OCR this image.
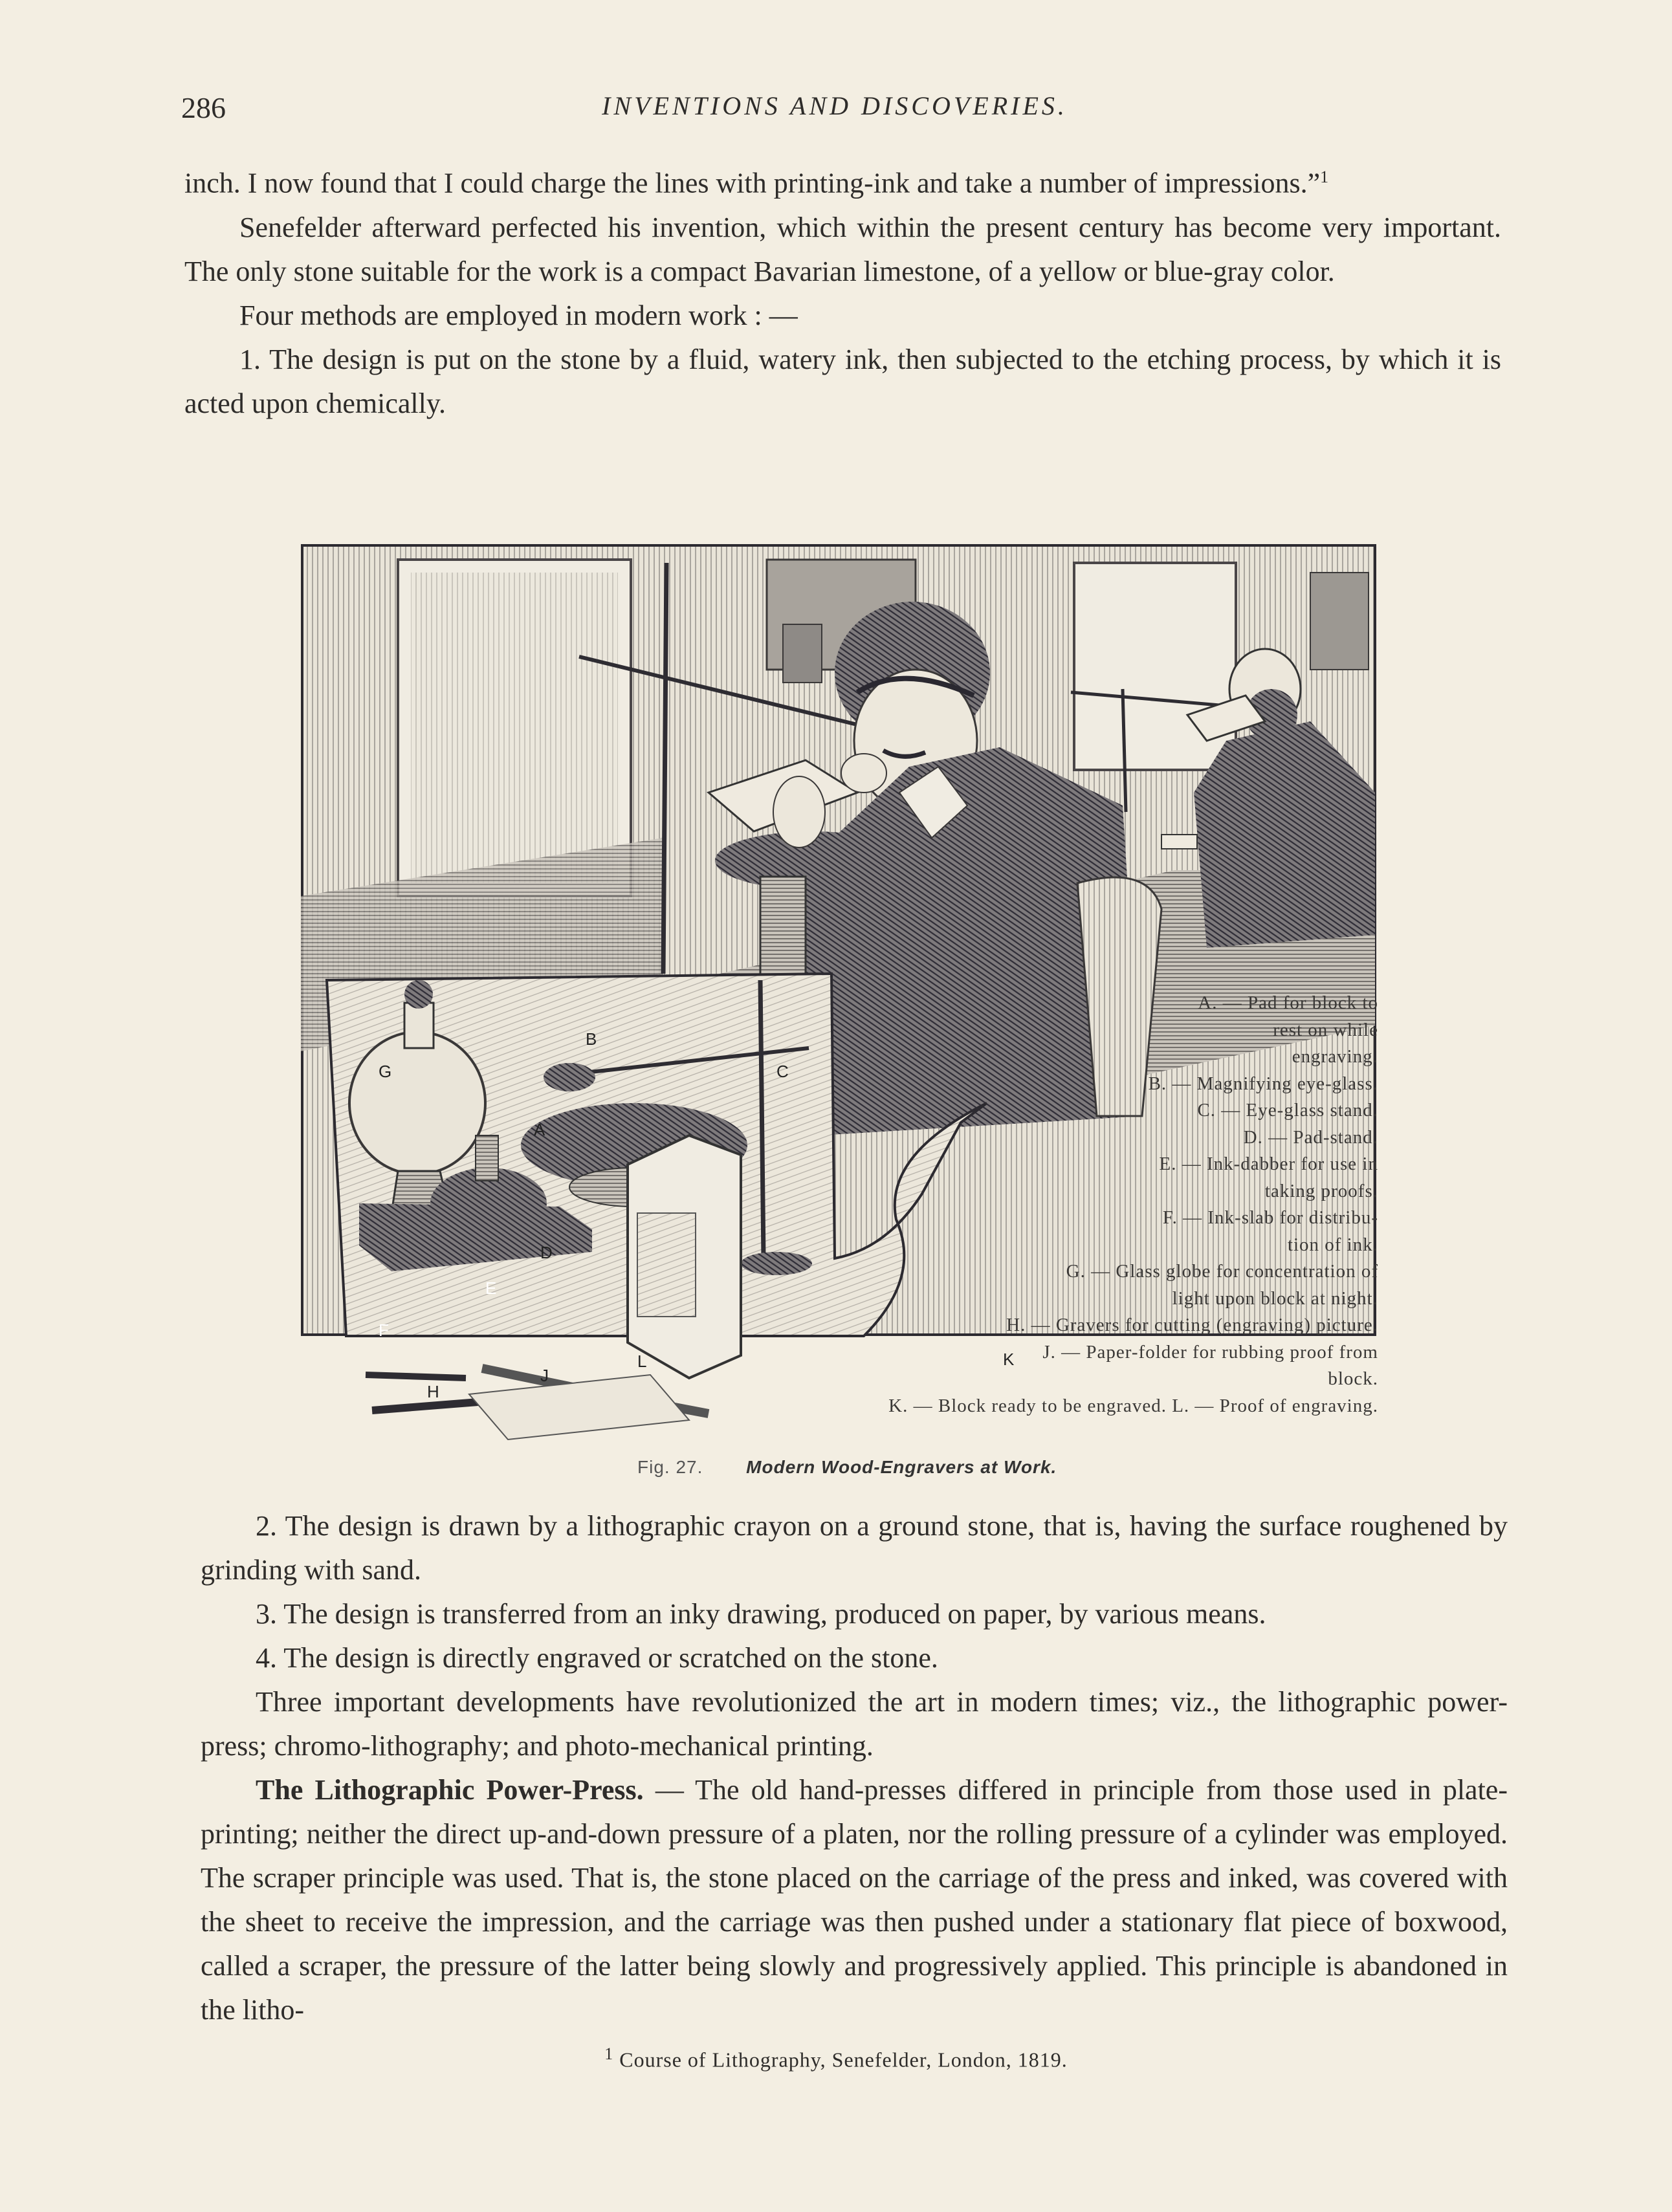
286	INVENTIONS AND DISCOVERIES.

inch. I now found that I could charge the lines with printing-ink and take a number of impressions.”$^1$

Senefelder afterward perfected his invention, which within the present century has become very important. The only stone suitable for the work is a compact Bavarian limestone, of a yellow or blue-gray color.

Four methods are employed in modern work : —

1. The design is put on the stone by a fluid, watery ink, then subjected to the etching process, by which it is acted upon chemically.

G
B
C
A
D
E
F
H
J
K
L
A. — Pad for block to
rest on while
engraving.
B. — Magnifying eye-glass.
C. — Eye-glass stand.
D. — Pad-stand.
E. — Ink-dabber for use in
taking proofs.
F. — Ink-slab for distribu-
tion of ink.
G. — Glass globe for concentration of
light upon block at night.
H. — Gravers for cutting (engraving) picture.
J. — Paper-folder for rubbing proof from
block.
K. — Block ready to be engraved. L. — Proof of engraving.
Fig. 27. Modern Wood-Engravers at Work.

2. The design is drawn by a lithographic crayon on a ground stone, that is, having the surface roughened by grinding with sand.

3. The design is transferred from an inky drawing, produced on paper, by various means.

4. The design is directly engraved or scratched on the stone.

Three important developments have revolutionized the art in modern times; viz., the lithographic power-press; chromo-lithography; and photo-mechanical printing.

The Lithographic Power-Press. — The old hand-presses differed in principle from those used in plate-printing; neither the direct up-and-down pressure of a platen, nor the rolling pressure of a cylinder was employed. The scraper principle was used. That is, the stone placed on the carriage of the press and inked, was covered with the sheet to receive the impression, and the carriage was then pushed under a stationary flat piece of boxwood, called a scraper, the pressure of the latter being slowly and progressively applied. This principle is abandoned in the litho-

$^1$ Course of Lithography, Senefelder, London, 1819.
